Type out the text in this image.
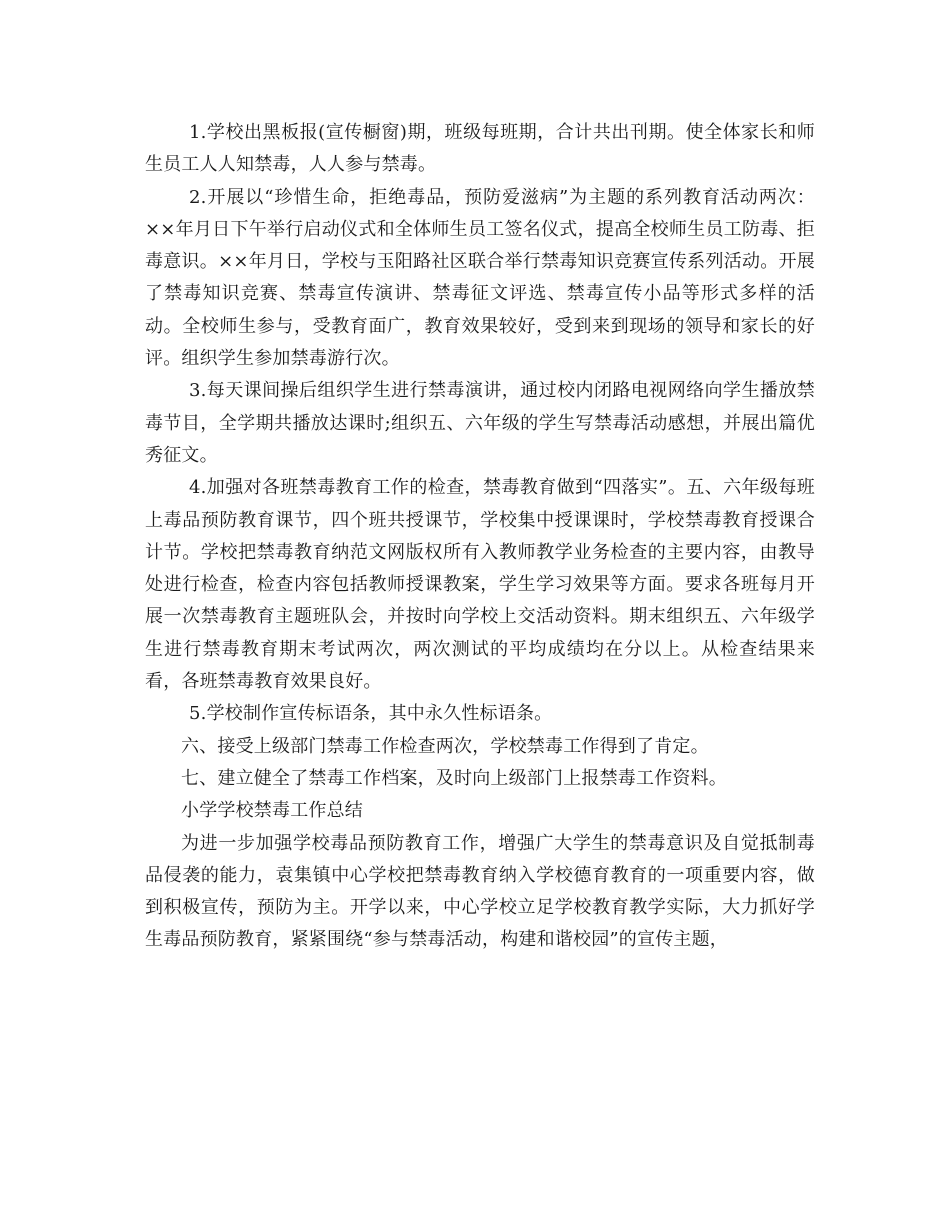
1.学校出黑板报(宣传橱窗)期，班级每班期，合计共出刊期。使全体家长和师生员工人人知禁毒，人人参与禁毒。

2.开展以“珍惜生命，拒绝毒品，预防爱滋病”为主题的系列教育活动两次：××年月日下午举行启动仪式和全体师生员工签名仪式，提高全校师生员工防毒、拒毒意识。××年月日，学校与玉阳路社区联合举行禁毒知识竞赛宣传系列活动。开展了禁毒知识竞赛、禁毒宣传演讲、禁毒征文评选、禁毒宣传小品等形式多样的活动。全校师生参与，受教育面广，教育效果较好，受到来到现场的领导和家长的好评。组织学生参加禁毒游行次。

3.每天课间操后组织学生进行禁毒演讲，通过校内闭路电视网络向学生播放禁毒节目，全学期共播放达课时;组织五、六年级的学生写禁毒活动感想，并展出篇优秀征文。

4.加强对各班禁毒教育工作的检查，禁毒教育做到“四落实”。五、六年级每班上毒品预防教育课节，四个班共授课节，学校集中授课课时，学校禁毒教育授课合计节。学校把禁毒教育纳范文网版权所有入教师教学业务检查的主要内容，由教导处进行检查，检查内容包括教师授课教案，学生学习效果等方面。要求各班每月开展一次禁毒教育主题班队会，并按时向学校上交活动资料。期末组织五、六年级学生进行禁毒教育期末考试两次，两次测试的平均成绩均在分以上。从检查结果来看，各班禁毒教育效果良好。

5.学校制作宣传标语条，其中永久性标语条。

六、接受上级部门禁毒工作检查两次，学校禁毒工作得到了肯定。

七、建立健全了禁毒工作档案，及时向上级部门上报禁毒工作资料。

小学学校禁毒工作总结

为进一步加强学校毒品预防教育工作，增强广大学生的禁毒意识及自觉抵制毒品侵袭的能力，袁集镇中心学校把禁毒教育纳入学校德育教育的一项重要内容，做到积极宣传，预防为主。开学以来，中心学校立足学校教育教学实际，大力抓好学生毒品预防教育，紧紧围绕“参与禁毒活动，构建和谐校园”的宣传主题，
